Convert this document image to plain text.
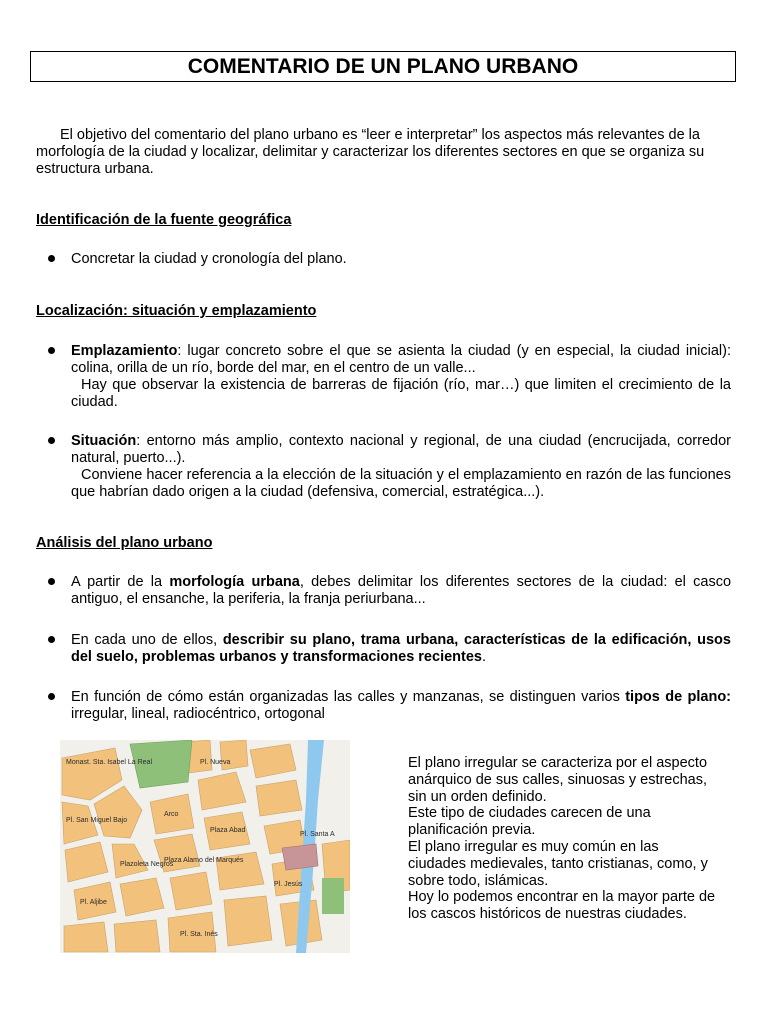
COMENTARIO DE UN PLANO URBANO
El objetivo del comentario del plano urbano es “leer e interpretar” los aspectos más relevantes de la morfología de la ciudad y localizar, delimitar y caracterizar los diferentes sectores en que se organiza su estructura urbana.
Identificación de la fuente geográfica
Concretar la ciudad y cronología del plano.
Localización: situación y emplazamiento
Emplazamiento: lugar concreto sobre el que se asienta la ciudad (y en especial, la ciudad inicial): colina, orilla de un río, borde del mar, en el centro de un valle...
Hay que observar la existencia de barreras de fijación (río, mar…) que limiten el crecimiento de la ciudad.
Situación: entorno más amplio, contexto nacional y regional, de una ciudad (encrucijada, corredor natural, puerto...).
Conviene hacer referencia a la elección de la situación y el emplazamiento en razón de las funciones que habrían dado origen a la ciudad (defensiva, comercial, estratégica...).
Análisis del plano urbano
A partir de la morfología urbana, debes delimitar los diferentes sectores de la ciudad: el casco antiguo, el ensanche, la periferia, la franja periurbana...
En cada uno de ellos, describir su plano, trama urbana, características de la edificación, usos del suelo, problemas urbanos y transformaciones recientes.
En función de cómo están organizadas las calles y manzanas, se distinguen varios tipos de plano: irregular, lineal, radiocéntrico, ortogonal
Monast. Sta. Isabel La Real
Pl. San Miguel Bajo
Plazoleta Negros
Plaza Alamo del Marqués
Pl. Santa A
Pl. Nueva
Arco
Plaza Abad
Pl. Aljibe
Pl. Sta. Inés
Pl. Jesús
El plano irregular se caracteriza por el aspecto anárquico de sus calles, sinuosas y estrechas, sin un orden definido.
Este tipo de ciudades carecen de una planificación previa.
El plano irregular es muy común en las ciudades medievales, tanto cristianas, como, y sobre todo, islámicas.
Hoy lo podemos encontrar en la mayor parte de los cascos históricos de nuestras ciudades.
